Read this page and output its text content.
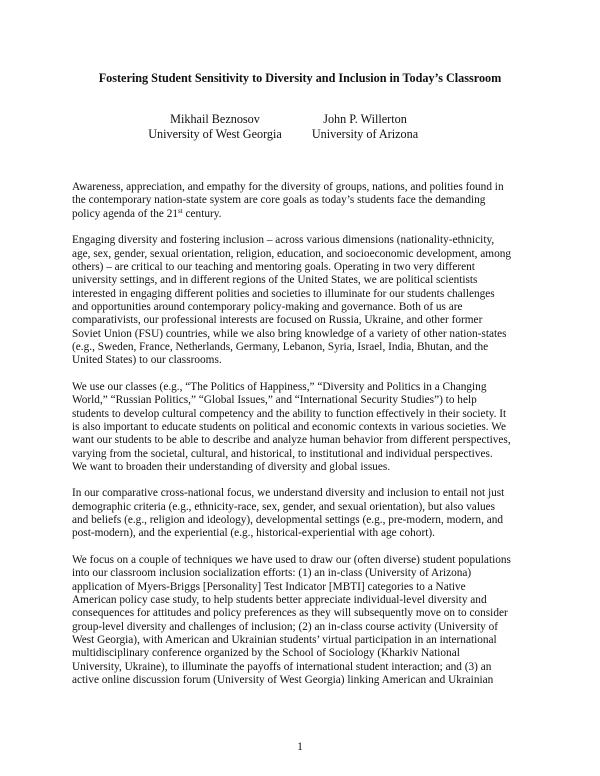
Fostering Student Sensitivity to Diversity and Inclusion in Today’s Classroom
Mikhail Beznosov
University of West Georgia
John P. Willerton
University of Arizona
Awareness, appreciation, and empathy for the diversity of groups, nations, and polities found in
the contemporary nation-state system are core goals as today’s students face the demanding
policy agenda of the 21st century.
Engaging diversity and fostering inclusion – across various dimensions (nationality-ethnicity,
age, sex, gender, sexual orientation, religion, education, and socioeconomic development, among
others) – are critical to our teaching and mentoring goals. Operating in two very different
university settings, and in different regions of the United States, we are political scientists
interested in engaging different polities and societies to illuminate for our students challenges
and opportunities around contemporary policy-making and governance. Both of us are
comparativists, our professional interests are focused on Russia, Ukraine, and other former
Soviet Union (FSU) countries, while we also bring knowledge of a variety of other nation-states
(e.g., Sweden, France, Netherlands, Germany, Lebanon, Syria, Israel, India, Bhutan, and the
United States) to our classrooms.
We use our classes (e.g., “The Politics of Happiness,” “Diversity and Politics in a Changing
World,” “Russian Politics,” “Global Issues,” and “International Security Studies”) to help
students to develop cultural competency and the ability to function effectively in their society. It
is also important to educate students on political and economic contexts in various societies. We
want our students to be able to describe and analyze human behavior from different perspectives,
varying from the societal, cultural, and historical, to institutional and individual perspectives.
We want to broaden their understanding of diversity and global issues.
In our comparative cross-national focus, we understand diversity and inclusion to entail not just
demographic criteria (e.g., ethnicity-race, sex, gender, and sexual orientation), but also values
and beliefs (e.g., religion and ideology), developmental settings (e.g., pre-modern, modern, and
post-modern), and the experiential (e.g., historical-experiential with age cohort).
We focus on a couple of techniques we have used to draw our (often diverse) student populations
into our classroom inclusion socialization efforts: (1) an in-class (University of Arizona)
application of Myers-Briggs [Personality] Test Indicator [MBTI] categories to a Native
American policy case study, to help students better appreciate individual-level diversity and
consequences for attitudes and policy preferences as they will subsequently move on to consider
group-level diversity and challenges of inclusion; (2) an in-class course activity (University of
West Georgia), with American and Ukrainian students’ virtual participation in an international
multidisciplinary conference organized by the School of Sociology (Kharkiv National
University, Ukraine), to illuminate the payoffs of international student interaction; and (3) an
active online discussion forum (University of West Georgia) linking American and Ukrainian
1
